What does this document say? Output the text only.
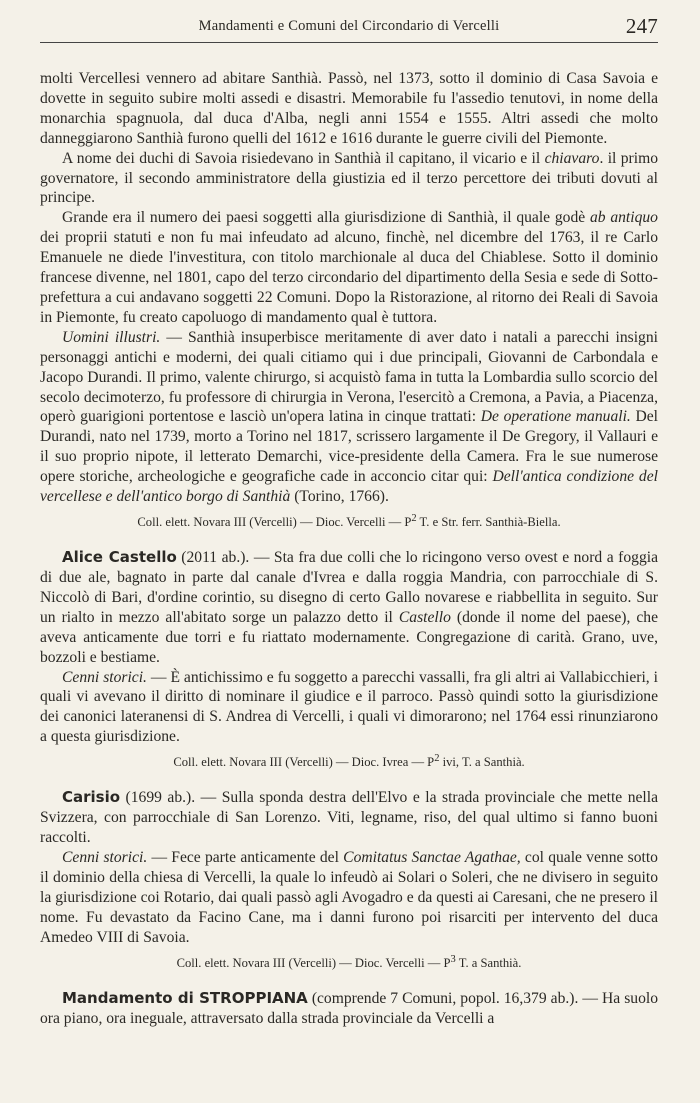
Mandamenti e Comuni del Circondario di Vercelli	247

molti Vercellesi vennero ad abitare Santhià. Passò, nel 1373, sotto il dominio di Casa Savoia e dovette in seguito subire molti assedi e disastri. Memorabile fu l'assedio tenutovi, in nome della monarchia spagnuola, dal duca d'Alba, negli anni 1554 e 1555. Altri assedi che molto danneggiarono Santhià furono quelli del 1612 e 1616 durante le guerre civili del Piemonte.

A nome dei duchi di Savoia risiedevano in Santhià il capitano, il vicario e il chiavaro. il primo governatore, il secondo amministratore della giustizia ed il terzo percettore dei tributi dovuti al principe.

Grande era il numero dei paesi soggetti alla giurisdizione di Santhià, il quale godè ab antiquo dei proprii statuti e non fu mai infeudato ad alcuno, finchè, nel dicembre del 1763, il re Carlo Emanuele ne diede l'investitura, con titolo marchionale al duca del Chiablese. Sotto il dominio francese divenne, nel 1801, capo del terzo circondario del dipartimento della Sesia e sede di Sotto-prefettura a cui andavano soggetti 22 Comuni. Dopo la Ristorazione, al ritorno dei Reali di Savoia in Piemonte, fu creato capoluogo di mandamento qual è tuttora.

Uomini illustri. — Santhià insuperbisce meritamente di aver dato i natali a parecchi insigni personaggi antichi e moderni, dei quali citiamo qui i due principali, Giovanni de Carbondala e Jacopo Durandi. Il primo, valente chirurgo, si acquistò fama in tutta la Lombardia sullo scorcio del secolo decimoterzo, fu professore di chirurgia in Verona, l'esercitò a Cremona, a Pavia, a Piacenza, operò guarigioni portentose e lasciò un'opera latina in cinque trattati: De operatione manuali. Del Durandi, nato nel 1739, morto a Torino nel 1817, scrissero largamente il De Gregory, il Vallauri e il suo proprio nipote, il letterato Demarchi, vice-presidente della Camera. Fra le sue numerose opere storiche, archeologiche e geografiche cade in acconcio citar qui: Dell'antica condizione del vercellese e dell'antico borgo di Santhià (Torino, 1766).

Coll. elett. Novara III (Vercelli) — Dioc. Vercelli — $P^2$ T. e Str. ferr. Santhià-Biella.

Alice Castello (2011 ab.). — Sta fra due colli che lo ricingono verso ovest e nord a foggia di due ale, bagnato in parte dal canale d'Ivrea e dalla roggia Mandria, con parrocchiale di S. Niccolò di Bari, d'ordine corintio, su disegno di certo Gallo novarese e riabbellita in seguito. Sur un rialto in mezzo all'abitato sorge un palazzo detto il Castello (donde il nome del paese), che aveva anticamente due torri e fu riattato modernamente. Congregazione di carità. Grano, uve, bozzoli e bestiame.

Cenni storici. — È antichissimo e fu soggetto a parecchi vassalli, fra gli altri ai Vallabicchieri, i quali vi avevano il diritto di nominare il giudice e il parroco. Passò quindi sotto la giurisdizione dei canonici lateranensi di S. Andrea di Vercelli, i quali vi dimorarono; nel 1764 essi rinunziarono a questa giurisdizione.

Coll. elett. Novara III (Vercelli) — Dioc. Ivrea — $P^2$ ivi, T. a Santhià.

Carisio (1699 ab.). — Sulla sponda destra dell'Elvo e la strada provinciale che mette nella Svizzera, con parrocchiale di San Lorenzo. Viti, legname, riso, del qual ultimo si fanno buoni raccolti.

Cenni storici. — Fece parte anticamente del Comitatus Sanctae Agathae, col quale venne sotto il dominio della chiesa di Vercelli, la quale lo infeudò ai Solari o Soleri, che ne divisero in seguito la giurisdizione coi Rotario, dai quali passò agli Avogadro e da questi ai Caresani, che ne presero il nome. Fu devastato da Facino Cane, ma i danni furono poi risarciti per intervento del duca Amedeo VIII di Savoia.

Coll. elett. Novara III (Vercelli) — Dioc. Vercelli — $P^3$ T. a Santhià.

Mandamento di STROPPIANA (comprende 7 Comuni, popol. 16,379 ab.). — Ha suolo ora piano, ora ineguale, attraversato dalla strada provinciale da Vercelli a
